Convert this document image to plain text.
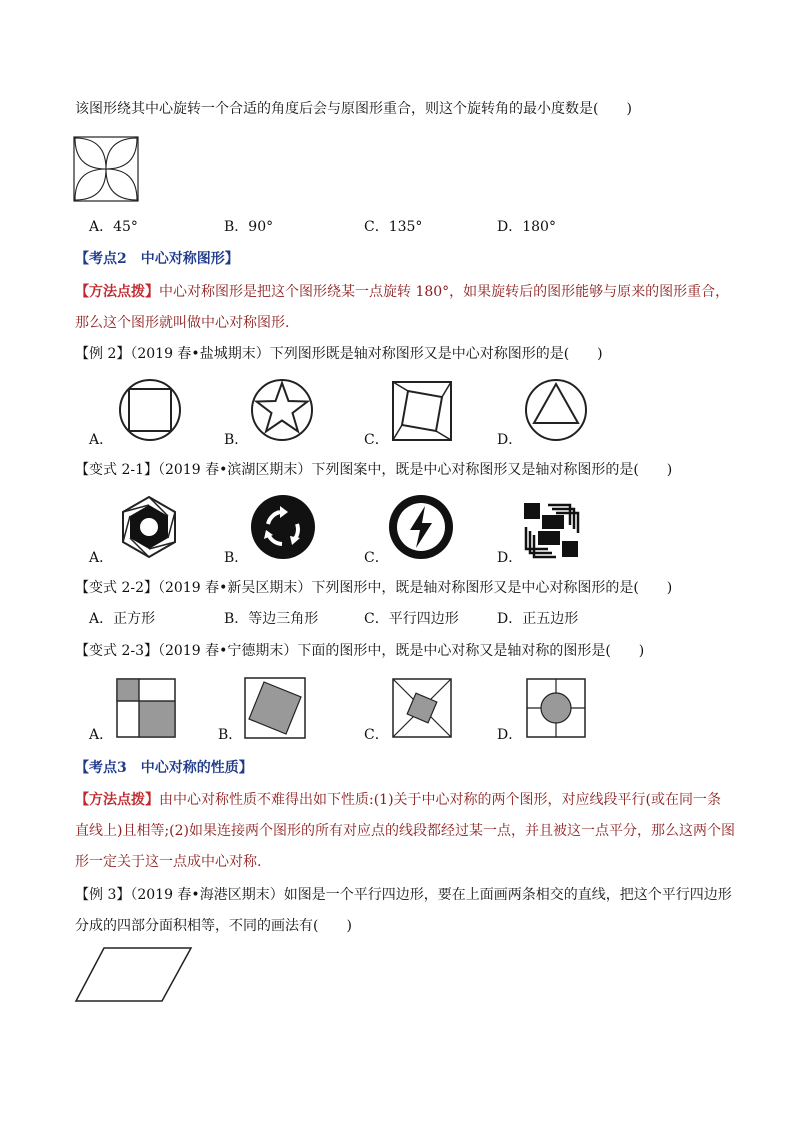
该图形绕其中心旋转一个合适的角度后会与原图形重合，则这个旋转角的最小度数是(　　)
A．45°	B．90°	C．135°	D．180°
【考点2　中心对称图形】
【方法点拨】中心对称图形是把这个图形绕某一点旋转 180°，如果旋转后的图形能够与原来的图形重合，
那么这个图形就叫做中心对称图形.
【例 2】（2019 春•盐城期末）下列图形既是轴对称图形又是中心对称图形的是(　　)
A．	B．	C．	D．
【变式 2-1】（2019 春•滨湖区期末）下列图案中，既是中心对称图形又是轴对称图形的是(　　)
A．	B．	C．	D．
【变式 2-2】（2019 春•新吴区期末）下列图形中，既是轴对称图形又是中心对称图形的是(　　)
A．正方形	B．等边三角形	C．平行四边形	D．正五边形
【变式 2-3】（2019 春•宁德期末）下面的图形中，既是中心对称又是轴对称的图形是(　　)
A．	B．	C．	D．
【考点3　中心对称的性质】
【方法点拨】由中心对称性质不难得出如下性质:(1)关于中心对称的两个图形，对应线段平行(或在同一条
直线上)且相等;(2)如果连接两个图形的所有对应点的线段都经过某一点，并且被这一点平分，那么这两个图
形一定关于这一点成中心对称.
【例 3】（2019 春•海港区期末）如图是一个平行四边形，要在上面画两条相交的直线，把这个平行四边形
分成的四部分面积相等，不同的画法有(　　)
